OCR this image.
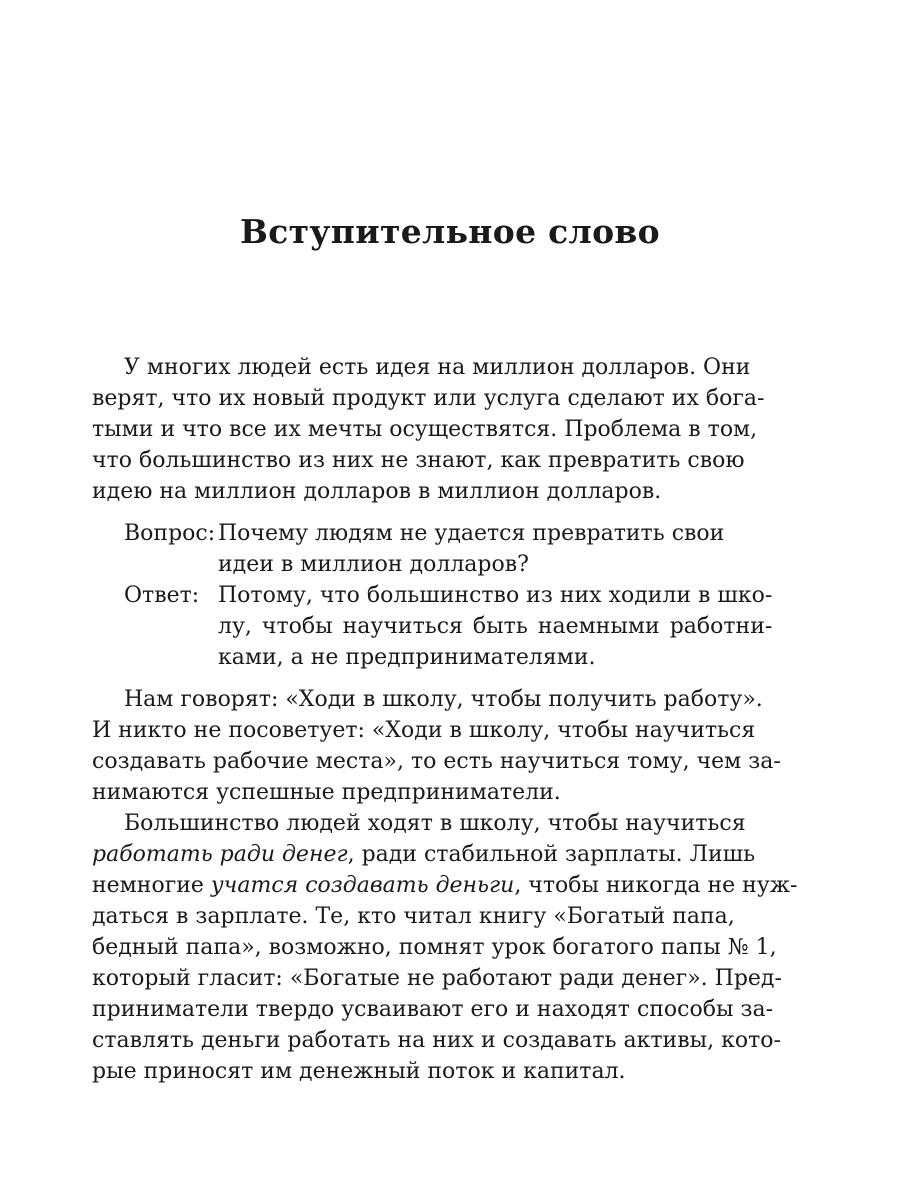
Вступительное слово
У многих людей есть идея на миллион долларов. Они
верят, что их новый продукт или услуга сделают их бога-
тыми и что все их мечты осуществятся. Проблема в том,
что большинство из них не знают, как превратить свою
идею на миллион долларов в миллион долларов.
Вопрос: Почему людям не удается превратить свои
идеи в миллион долларов?
Ответ: Потому, что большинство из них ходили в шко-
лу, чтобы научиться быть наемными работни-
ками, а не предпринимателями.
Нам говорят: «Ходи в школу, чтобы получить работу».
И никто не посоветует: «Ходи в школу, чтобы научиться
создавать рабочие места», то есть научиться тому, чем за-
нимаются успешные предприниматели.
Большинство людей ходят в школу, чтобы научиться
работать ради денег, ради стабильной зарплаты. Лишь
немногие учатся создавать деньги, чтобы никогда не нуж-
даться в зарплате. Те, кто читал книгу «Богатый папа,
бедный папа», возможно, помнят урок богатого папы № 1,
который гласит: «Богатые не работают ради денег». Пред-
приниматели твердо усваивают его и находят способы за-
ставлять деньги работать на них и создавать активы, кото-
рые приносят им денежный поток и капитал.
